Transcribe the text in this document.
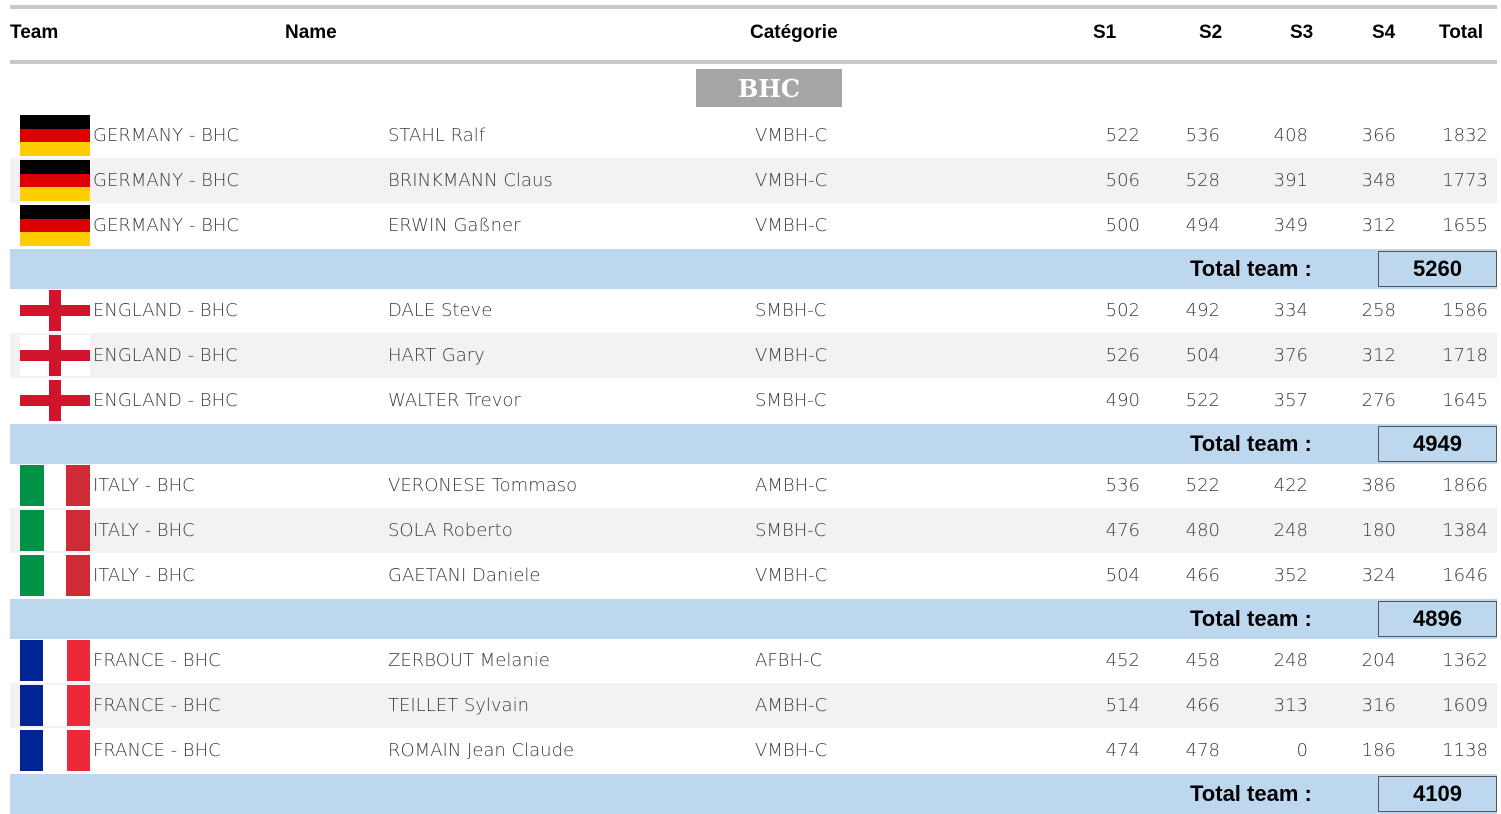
Team	Name	Catégorie	S1	S2	S3	S4 Total
BHC
GERMANY - BHC	STAHL Ralf	VMBH-C	522	536	408	366	1832
GERMANY - BHC	BRINKMANN Claus	VMBH-C	506	528	391	348	1773
GERMANY - BHC	ERWIN Gaßner	VMBH-C	500	494	349	312	1655
Total team :	5260
ENGLAND - BHC	DALE Steve	SMBH-C	502	492	334	258	1586
ENGLAND - BHC	HART Gary	VMBH-C	526	504	376	312	1718
ENGLAND - BHC	WALTER Trevor	SMBH-C	490	522	357	276	1645
Total team :	4949
ITALY - BHC	VERONESE Tommaso	AMBH-C	536	522	422	386	1866
ITALY - BHC	SOLA Roberto	SMBH-C	476	480	248	180	1384
ITALY - BHC	GAETANI Daniele	VMBH-C	504	466	352	324	1646
Total team :	4896
FRANCE - BHC	ZERBOUT Melanie	AFBH-C	452	458	248	204	1362
FRANCE - BHC	TEILLET Sylvain	AMBH-C	514	466	313	316	1609
FRANCE - BHC	ROMAIN Jean Claude	VMBH-C	474	478	0	186	1138
Total team :	4109
